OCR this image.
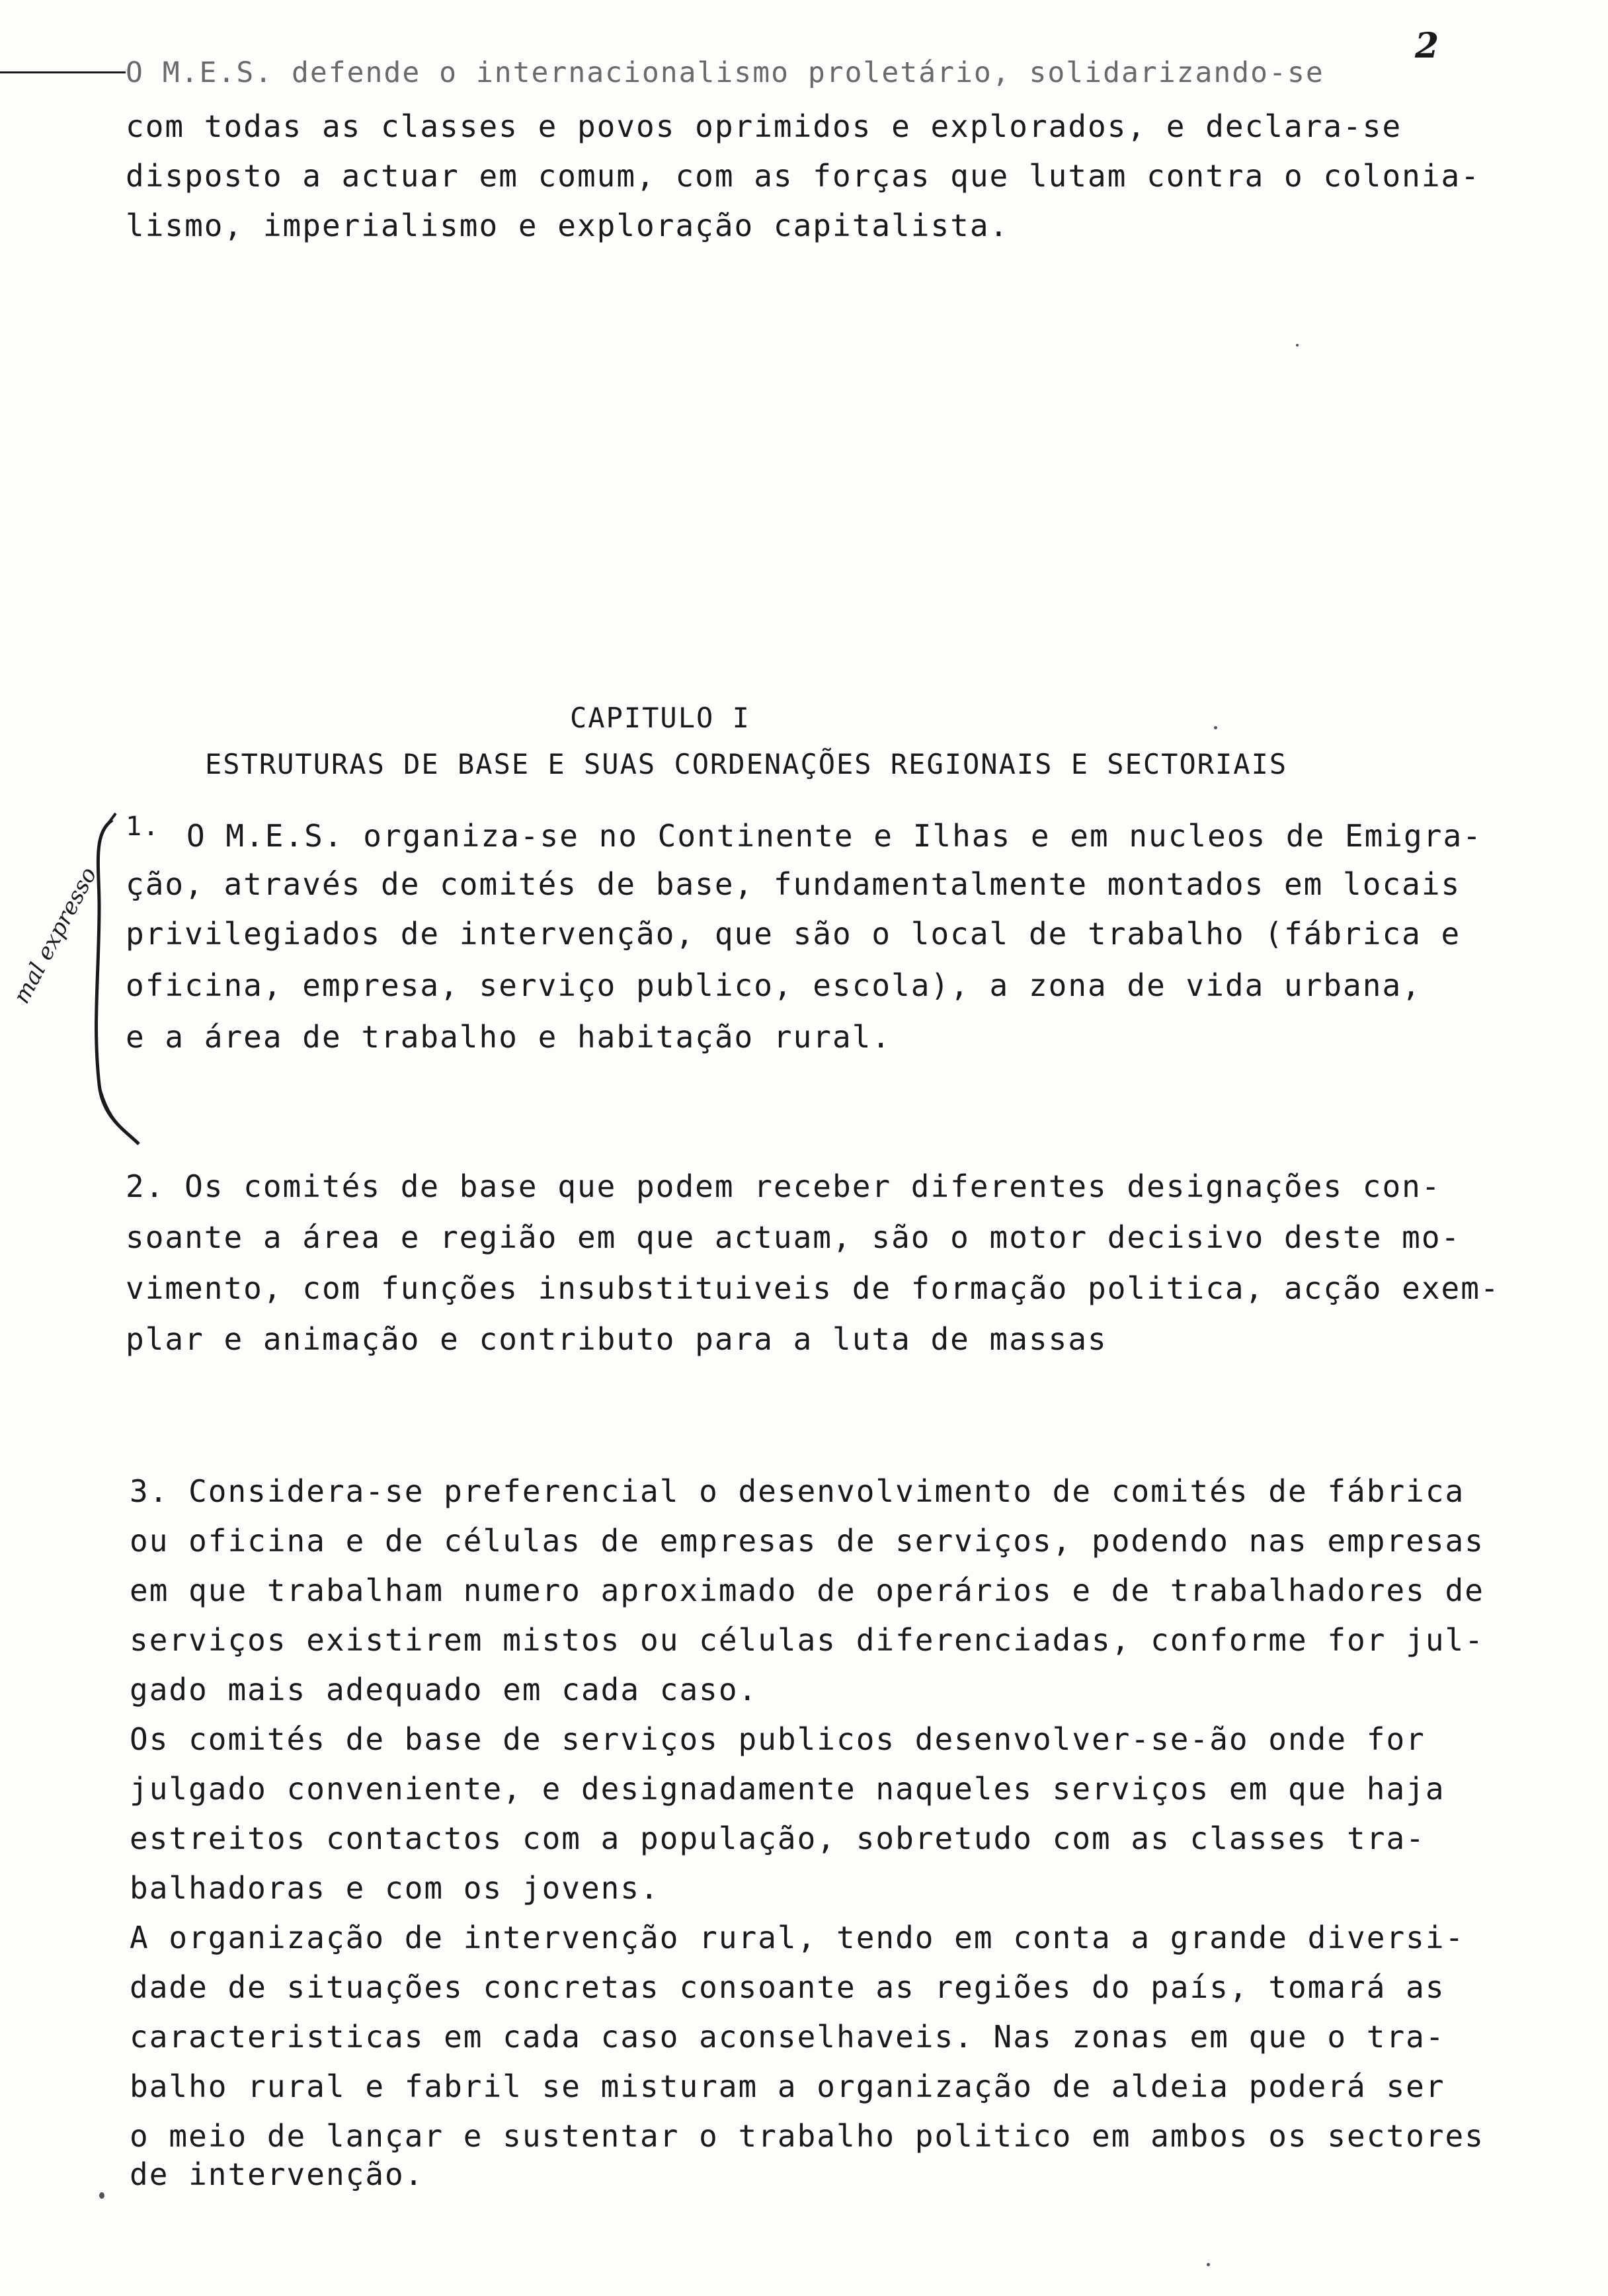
2
O M.E.S. defende o internacionalismo proletário, solidarizando-se
com todas as classes e povos oprimidos e explorados, e declara-se
disposto a actuar em comum, com as forças que lutam contra o colonia-
lismo, imperialismo e exploração capitalista.
CAPITULO I
ESTRUTURAS DE BASE E SUAS CORDENAÇÕES REGIONAIS E SECTORIAIS
mal expresso
1. O M.E.S. organiza-se no Continente e Ilhas e em nucleos de Emigra-
ção, através de comités de base, fundamentalmente montados em locais
privilegiados de intervenção, que são o local de trabalho (fábrica e
oficina, empresa, serviço publico, escola), a zona de vida urbana,
e a área de trabalho e habitação rural.
2. Os comités de base que podem receber diferentes designações con-
soante a área e região em que actuam, são o motor decisivo deste mo-
vimento, com funções insubstituiveis de formação politica, acção exem-
plar e animação e contributo para a luta de massas
3. Considera-se preferencial o desenvolvimento de comités de fábrica
ou oficina e de células de empresas de serviços, podendo nas empresas
em que trabalham numero aproximado de operários e de trabalhadores de
serviços existirem mistos ou células diferenciadas, conforme for jul-
gado mais adequado em cada caso.
Os comités de base de serviços publicos desenvolver-se-ão onde for
julgado conveniente, e designadamente naqueles serviços em que haja
estreitos contactos com a população, sobretudo com as classes tra-
balhadoras e com os jovens.
A organização de intervenção rural, tendo em conta a grande diversi-
dade de situações concretas consoante as regiões do país, tomará as
caracteristicas em cada caso aconselhaveis. Nas zonas em que o tra-
balho rural e fabril se misturam a organização de aldeia poderá ser
o meio de lançar e sustentar o trabalho politico em ambos os sectores
de intervenção.
